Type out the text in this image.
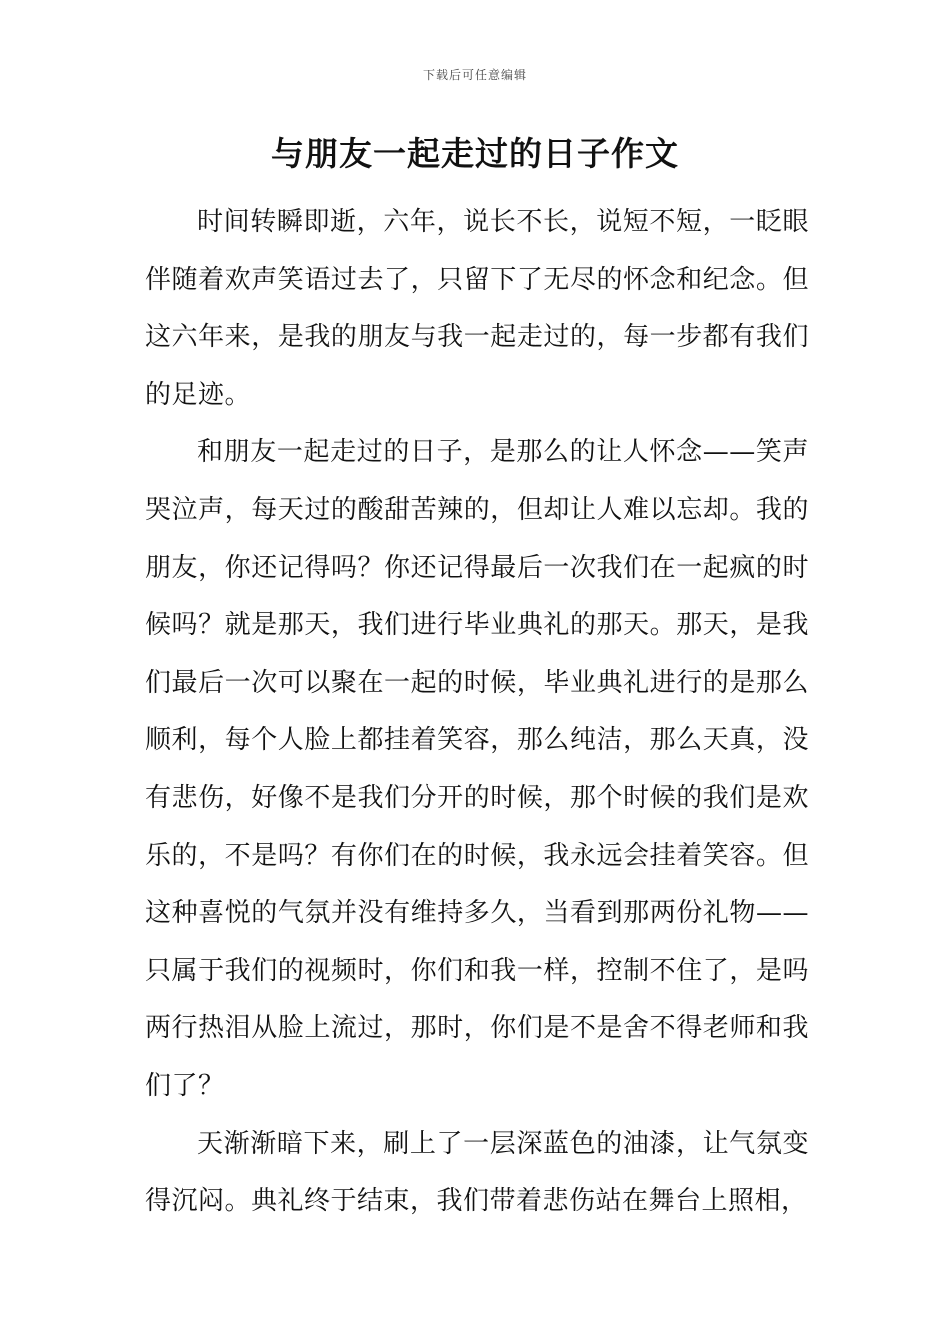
下载后可任意编辑
与朋友一起走过的日子作文

时间转瞬即逝，六年，说长不长，说短不短，一眨眼伴随着欢声笑语过去了，只留下了无尽的怀念和纪念。但这六年来，是我的朋友与我一起走过的，每一步都有我们的足迹。

和朋友一起走过的日子，是那么的让人怀念——笑声哭泣声，每天过的酸甜苦辣的，但却让人难以忘却。我的朋友，你还记得吗？你还记得最后一次我们在一起疯的时候吗？就是那天，我们进行毕业典礼的那天。那天，是我们最后一次可以聚在一起的时候，毕业典礼进行的是那么顺利，每个人脸上都挂着笑容，那么纯洁，那么天真，没有悲伤，好像不是我们分开的时候，那个时候的我们是欢乐的，不是吗？有你们在的时候，我永远会挂着笑容。但这种喜悦的气氛并没有维持多久，当看到那两份礼物——只属于我们的视频时，你们和我一样，控制不住了，是吗两行热泪从脸上流过，那时，你们是不是舍不得老师和我们了？

天渐渐暗下来，刷上了一层深蓝色的油漆，让气氛变得沉闷。典礼终于结束，我们带着悲伤站在舞台上照相，
